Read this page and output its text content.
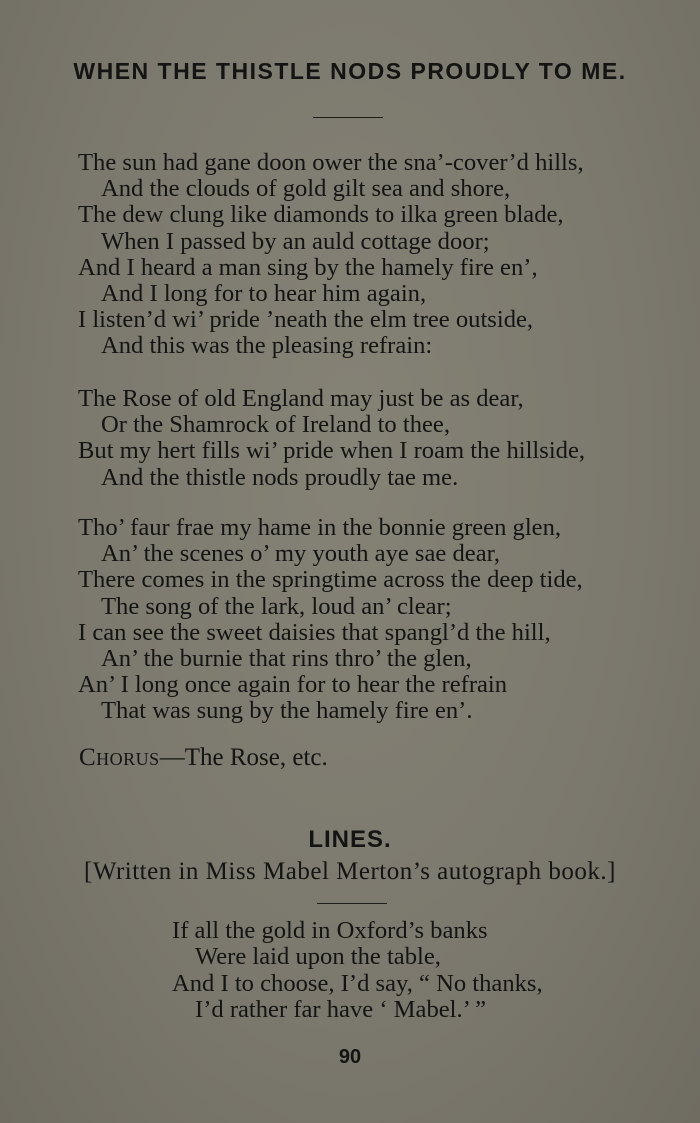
WHEN THE THISTLE NODS PROUDLY TO ME.
The sun had gane doon ower the sna’-cover’d hills,
And the clouds of gold gilt sea and shore,
The dew clung like diamonds to ilka green blade,
When I passed by an auld cottage door;
And I heard a man sing by the hamely fire en’,
And I long for to hear him again,
I listen’d wi’ pride ’neath the elm tree outside,
And this was the pleasing refrain:
The Rose of old England may just be as dear,
Or the Shamrock of Ireland to thee,
But my hert fills wi’ pride when I roam the hillside,
And the thistle nods proudly tae me.
Tho’ faur frae my hame in the bonnie green glen,
An’ the scenes o’ my youth aye sae dear,
There comes in the springtime across the deep tide,
The song of the lark, loud an’ clear;
I can see the sweet daisies that spangl’d the hill,
An’ the burnie that rins thro’ the glen,
An’ I long once again for to hear the refrain
That was sung by the hamely fire en’.
Chorus—The Rose, etc.
LINES.
[Written in Miss Mabel Merton’s autograph book.]
If all the gold in Oxford’s banks
Were laid upon the table,
And I to choose, I’d say, “ No thanks,
I’d rather far have ‘ Mabel.’ ”
90
